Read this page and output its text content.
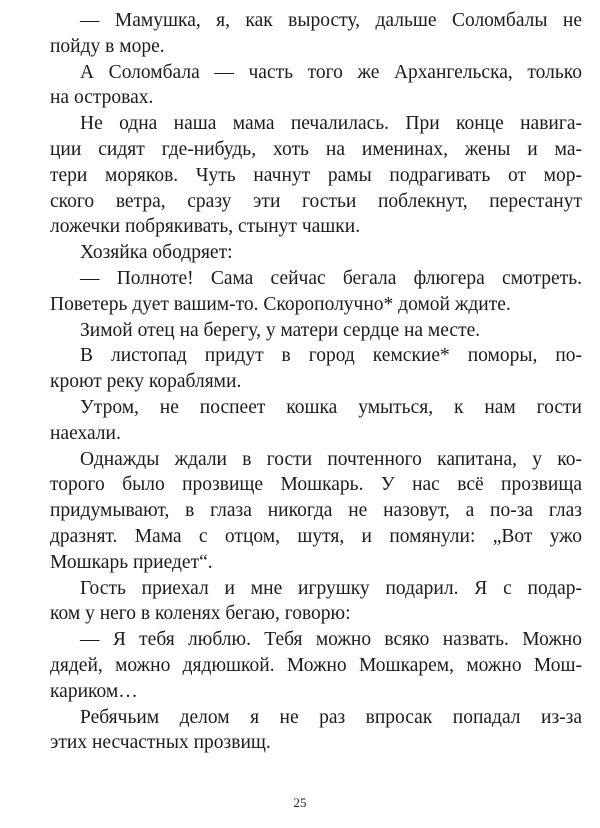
— Мамушка, я, как выросту, дальше Соломбалы не
пойду в море.
А Соломбала — часть того же Архангельска, только
на островах.
Не одна наша мама печалилась. При конце навига-
ции сидят где-нибудь, хоть на именинах, жены и ма-
тери моряков. Чуть начнут рамы подрагивать от мор-
ского ветра, сразу эти гостьи поблекнут, перестанут
ложечки побрякивать, стынут чашки.
Хозяйка ободряет:
— Полноте! Сама сейчас бегала флюгера смотреть.
Поветерь дует вашим-то. Скорополучно* домой ждите.
Зимой отец на берегу, у матери сердце на месте.
В листопад придут в город кемские* поморы, по-
кроют реку кораблями.
Утром, не поспеет кошка умыться, к нам гости
наехали.
Однажды ждали в гости почтенного капитана, у ко-
торого было прозвище Мошкарь. У нас всё прозвища
придумывают, в глаза никогда не назовут, а по-за глаз
дразнят. Мама с отцом, шутя, и помянули: „Вот ужо
Мошкарь приедет“.
Гость приехал и мне игрушку подарил. Я с подар-
ком у него в коленях бегаю, говорю:
— Я тебя люблю. Тебя можно всяко назвать. Можно
дядей, можно дядюшкой. Можно Мошкарем, можно Мош-
кариком…
Ребячьим делом я не раз впросак попадал из-за
этих несчастных прозвищ.
25
